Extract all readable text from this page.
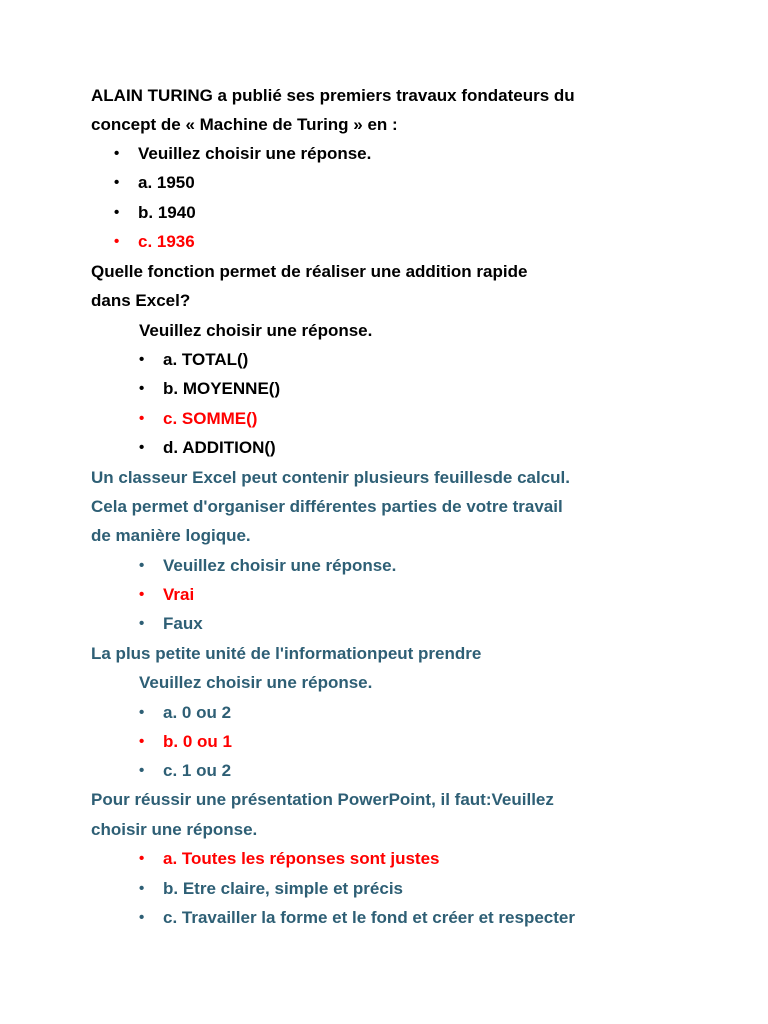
ALAIN TURING a publié ses premiers travaux fondateurs du
concept de « Machine de Turing » en :
• Veuillez choisir une réponse.
• a. 1950
• b. 1940
• c. 1936
Quelle fonction permet de réaliser une addition rapide
dans Excel?
Veuillez choisir une réponse.
• a. TOTAL()
• b. MOYENNE()
• c. SOMME()
• d. ADDITION()
Un classeur Excel peut contenir plusieurs feuillesde calcul.
Cela permet d'organiser différentes parties de votre travail
de manière logique.
• Veuillez choisir une réponse.
• Vrai
• Faux
La plus petite unité de l'informationpeut prendre
Veuillez choisir une réponse.
• a. 0 ou 2
• b. 0 ou 1
• c. 1 ou 2
Pour réussir une présentation PowerPoint, il faut:Veuillez
choisir une réponse.
• a. Toutes les réponses sont justes
• b. Etre claire, simple et précis
• c. Travailler la forme et le fond et créer et respecter
